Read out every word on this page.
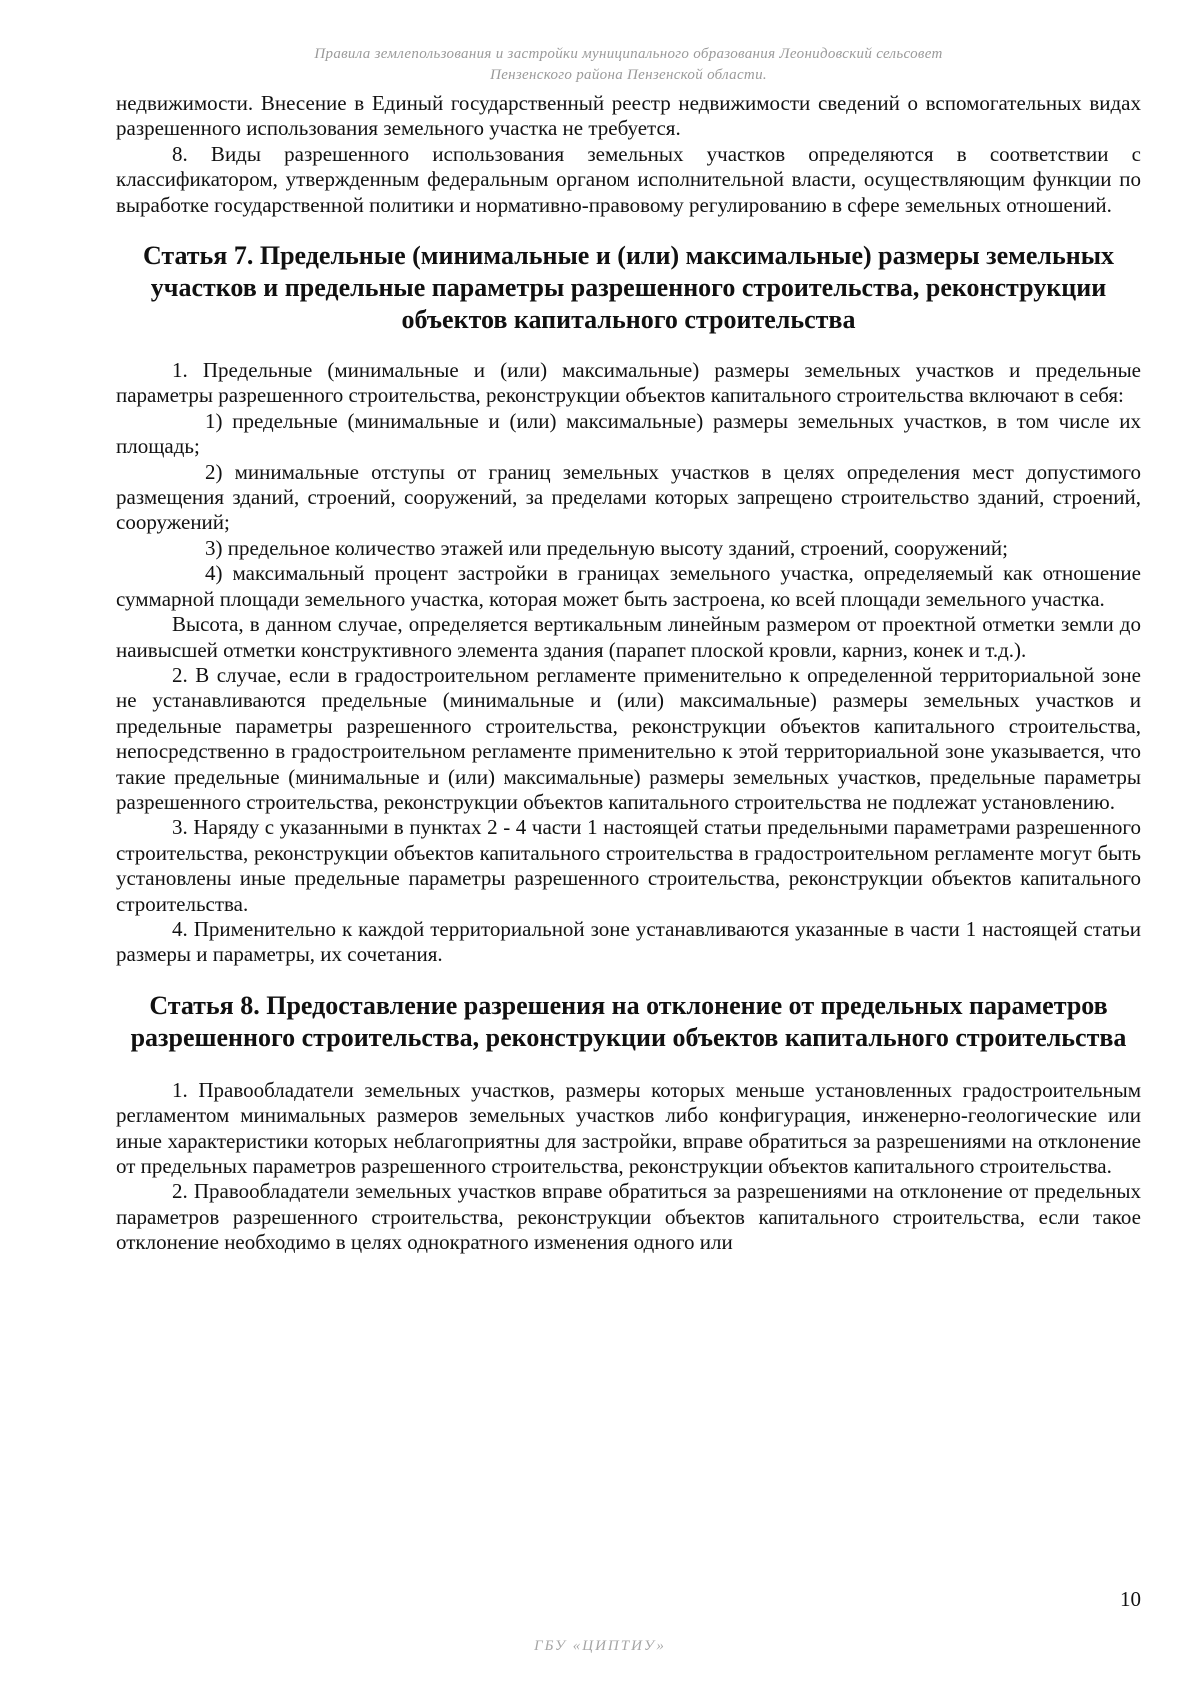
Правила землепользования и застройки муниципального образования Леонидовский сельсовет
Пензенского района Пензенской области.

недвижимости. Внесение в Единый государственный реестр недвижимости сведений о вспомогательных видах разрешенного использования земельного участка не требуется.

8. Виды разрешенного использования земельных участков определяются в соответствии с классификатором, утвержденным федеральным органом исполнительной власти, осуществляющим функции по выработке государственной политики и нормативно-правовому регулированию в сфере земельных отношений.

Статья 7. Предельные (минимальные и (или) максимальные) размеры земельных участков и предельные параметры разрешенного строительства, реконструкции объектов капитального строительства

1. Предельные (минимальные и (или) максимальные) размеры земельных участков и предельные параметры разрешенного строительства, реконструкции объектов капитального строительства включают в себя:

1) предельные (минимальные и (или) максимальные) размеры земельных участков, в том числе их площадь;

2) минимальные отступы от границ земельных участков в целях определения мест допустимого размещения зданий, строений, сооружений, за пределами которых запрещено строительство зданий, строений, сооружений;

3) предельное количество этажей или предельную высоту зданий, строений, сооружений;

4) максимальный процент застройки в границах земельного участка, определяемый как отношение суммарной площади земельного участка, которая может быть застроена, ко всей площади земельного участка.

Высота, в данном случае, определяется вертикальным линейным размером от проектной отметки земли до наивысшей отметки конструктивного элемента здания (парапет плоской кровли, карниз, конек и т.д.).

2. В случае, если в градостроительном регламенте применительно к определенной территориальной зоне не устанавливаются предельные (минимальные и (или) максимальные) размеры земельных участков и предельные параметры разрешенного строительства, реконструкции объектов капитального строительства, непосредственно в градостроительном регламенте применительно к этой территориальной зоне указывается, что такие предельные (минимальные и (или) максимальные) размеры земельных участков, предельные параметры разрешенного строительства, реконструкции объектов капитального строительства не подлежат установлению.

3. Наряду с указанными в пунктах 2 - 4 части 1 настоящей статьи предельными параметрами разрешенного строительства, реконструкции объектов капитального строительства в градостроительном регламенте могут быть установлены иные предельные параметры разрешенного строительства, реконструкции объектов капитального строительства.

4. Применительно к каждой территориальной зоне устанавливаются указанные в части 1 настоящей статьи размеры и параметры, их сочетания.

Статья 8. Предоставление разрешения на отклонение от предельных параметров разрешенного строительства, реконструкции объектов капитального строительства

1. Правообладатели земельных участков, размеры которых меньше установленных градостроительным регламентом минимальных размеров земельных участков либо конфигурация, инженерно-геологические или иные характеристики которых неблагоприятны для застройки, вправе обратиться за разрешениями на отклонение от предельных параметров разрешенного строительства, реконструкции объектов капитального строительства.

2. Правообладатели земельных участков вправе обратиться за разрешениями на отклонение от предельных параметров разрешенного строительства, реконструкции объектов капитального строительства, если такое отклонение необходимо в целях однократного изменения одного или

10
ГБУ «ЦИПТИУ»
